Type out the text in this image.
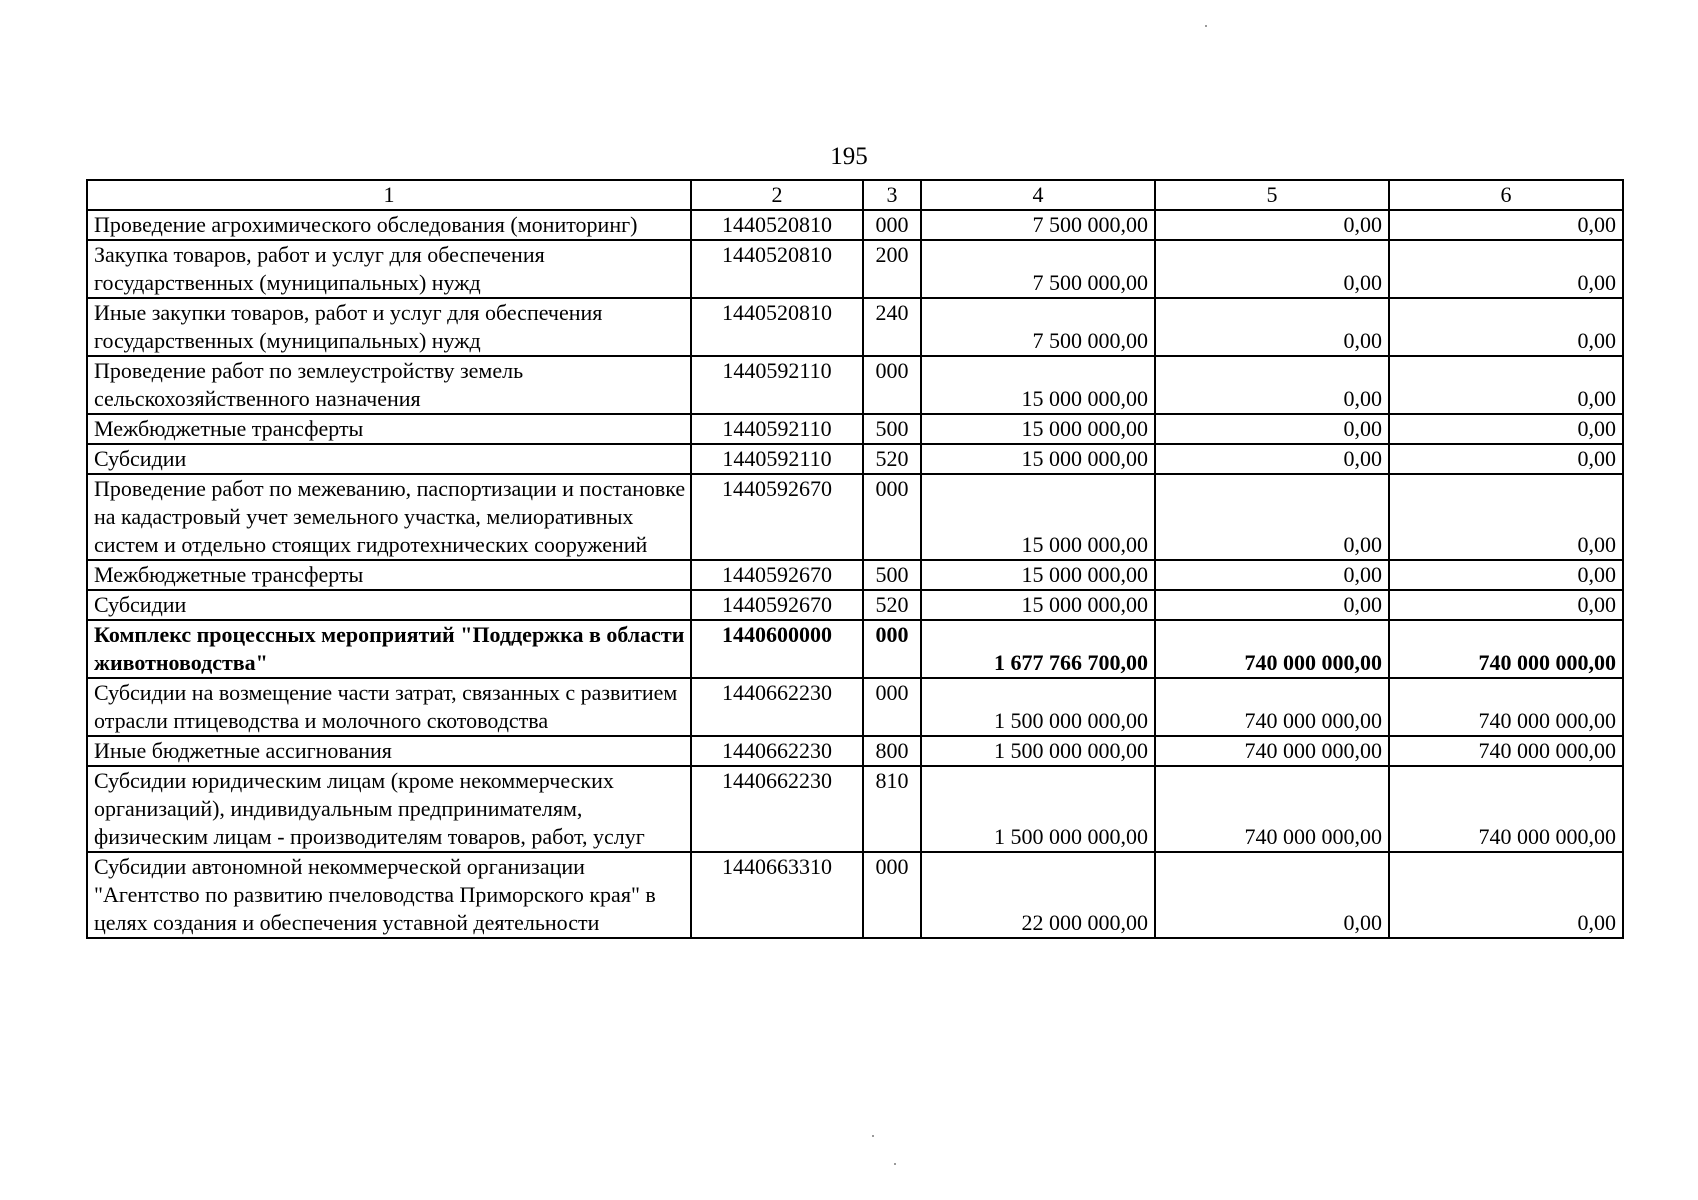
195
1	2	3	4	5	6
Проведение агрохимического обследования (мониторинг)	1440520810	000	7 500 000,00	0,00	0,00
Закупка товаров, работ и услуг для обеспечения государственных (муниципальных) нужд	1440520810	200	7 500 000,00	0,00	0,00
Иные закупки товаров, работ и услуг для обеспечения государственных (муниципальных) нужд	1440520810	240	7 500 000,00	0,00	0,00
Проведение работ по землеустройству земель сельскохозяйственного назначения	1440592110	000	15 000 000,00	0,00	0,00
Межбюджетные трансферты	1440592110	500	15 000 000,00	0,00	0,00
Субсидии	1440592110	520	15 000 000,00	0,00	0,00
Проведение работ по межеванию, паспортизации и постановке на кадастровый учет земельного участка, мелиоративных систем и отдельно стоящих гидротехнических сооружений	1440592670	000	15 000 000,00	0,00	0,00
Межбюджетные трансферты	1440592670	500	15 000 000,00	0,00	0,00
Субсидии	1440592670	520	15 000 000,00	0,00	0,00
Комплекс процессных мероприятий "Поддержка в области животноводства"	1440600000	000	1 677 766 700,00	740 000 000,00	740 000 000,00
Субсидии на возмещение части затрат, связанных с развитием отрасли птицеводства и молочного скотоводства	1440662230	000	1 500 000 000,00	740 000 000,00	740 000 000,00
Иные бюджетные ассигнования	1440662230	800	1 500 000 000,00	740 000 000,00	740 000 000,00
Субсидии юридическим лицам (кроме некоммерческих организаций), индивидуальным предпринимателям, физическим лицам - производителям товаров, работ, услуг	1440662230	810	1 500 000 000,00	740 000 000,00	740 000 000,00
Субсидии автономной некоммерческой организации "Агентство по развитию пчеловодства Приморского края" в целях создания и обеспечения уставной деятельности	1440663310	000	22 000 000,00	0,00	0,00
